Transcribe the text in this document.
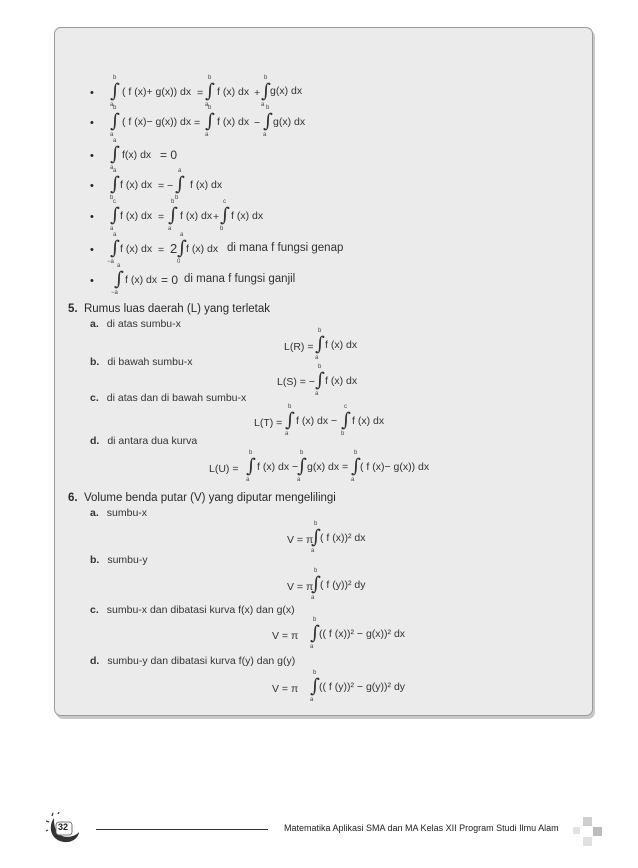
• ∫
b
a
( f (x)+ g(x)) dx = ∫
b
a
f (x) dx + ∫
b
a
g(x) dx
• ∫
b
a
( f (x)− g(x)) dx = ∫
b
a
f (x) dx − ∫
b
a
g(x) dx
• ∫
a
a
f(x) dx = 0
• ∫
a
b
f (x) dx = − ∫
a
b
f (x) dx
• ∫
c
a
f (x) dx = ∫
b
a
f (x) dx + ∫
c
b
f (x) dx
• ∫
a
−a
f (x) dx = 2 ∫
a
0
f (x) dx di mana f fungsi genap
• ∫
a
−a
f (x) dx = 0 di mana f fungsi ganjil
5. Rumus luas daerah (L) yang terletak
a. di atas sumbu-x
L(R) = ∫
b
a
f (x) dx
b. di bawah sumbu-x
L(S) = − ∫
b
a
f (x) dx
c. di atas dan di bawah sumbu-x
L(T) = ∫
b
a
f (x) dx − ∫
c
b
f (x) dx
d. di antara dua kurva
L(U) = ∫
b
a
f (x) dx −
∫
b
a
g(x) dx = ∫
b
a
( f (x)− g(x)) dx
6. Volume benda putar (V) yang diputar mengelilingi
a. sumbu-x
V = π
∫
b
a
( f (x))² dx
b. sumbu-y
V = π
∫
b
a
( f (y))² dy
c. sumbu-x dan dibatasi kurva f(x) dan g(x)
V = π ∫
b
a
(( f (x))² − g(x))² dx
d. sumbu-y dan dibatasi kurva f(y) dan g(y)
V = π ∫
b
a
(( f (y))² − g(y))² dy
32	Matematika Aplikasi SMA dan MA Kelas XII Program Studi Ilmu Alam
